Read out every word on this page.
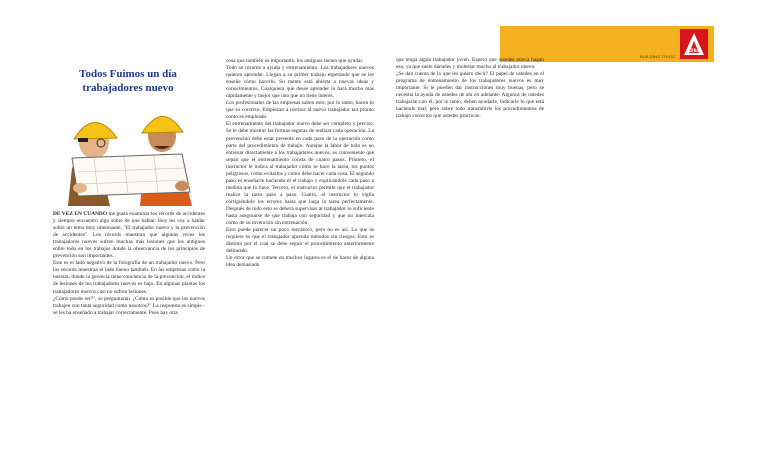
BUILDING TRUST
Sika
Todos Fuimos un día
trabajadores nuevo

DE VEZ EN CUANDO me gusta examinar los récords de accidentes y siempre encuentro algo sobre de que hablar. Hoy les voy a hablar sobre un tema muy interesante, "El trabajador nuevo y la prevención de accidentes". Los récords muestran que algunas veces los trabajadores nuevos sufren muchas más lesiones que los antiguos sobre todo en los trabajos donde la observancia de los principios de prevención son importantes.

Este es el lado negativo de la fotografía de un trabajador nuevo. Pero los récords muestran el lado bueno también. En las empresas como la nuestra, donde la gerencia tiene conciencia de la prevención, el índice de lesiones de los trabajadores nuevos es bajo. En algunas plantas los trabajadores nuevos casi no sufren lesiones.

¿Cómo puede ser?", se preguntarán. ¿Cómo es posible que los nuevos trabajen con tanta seguridad como nosotros?" La respuesta es simple - se les ha enseñado a trabajar correctamente. Pues hay otra

cosa que también es importante, los antiguos tienen que ayudar.

Todo se resume a ayuda y entrenamiento. Los trabajadores nuevos quieren aprender. Llegan a su primer trabajo esperando que se les enseñe cómo hacerlo. Su mente está abierta a nuevas ideas y conocimientos. Cualquiera que desee aprender lo hará mucho más rápidamente y mejor que uno que no tiene interés.

Los profesionales de las empresas saben esto, por lo tanto, hacen lo que es correcto. Empiezan a instruir al nuevo trabajador tan pronto como es empleado.

El entrenamiento del trabajador nuevo debe ser completo y preciso. Se le debe mostrar las formas seguras de realizar cada operación. La prevención debe estar presente en cada paso de la operación como parte del procedimiento de trabajo. Aunque la labor de todo es no entrenar directamente a los trabajadores nuevos, es conveniente que sepan que el entrenamiento consta de cuatro pasos. Primero, el instructor le indica al trabajador cómo se hace la tarea, los puntos peligrosos, cómo evitarlos y cómo debe hacer cada cosa. El segundo paso es enseñarle haciendo él el trabajo y explicándole cada paso a medida que lo hace. Tercero, el instructor permite que el trabajador realice la tarea paso a paso. Cuarto, el instructor lo vigila corrigiéndole los errores hasta que haga la tarea perfectamente. Después de todo esto se deberá supervisar al trabajador lo suficiente hasta asegurarse de que trabaja con seguridad y que no intercala como de su invención sin entrenación.

Esto puede parecer un poco mecánico, pero no es así. Lo que se requiere es que el trabajador aprenda métodos sin riesgos. Esto es distinto por el cual se debe seguir el procedimiento anteriormente delineado.

Un error que se comete en muchos lugares es el de hacer de alguna idea demasiado

que tenga algún trabajador joven. Espero que ustedes nunca hagan eso, ya que suele dárseles y molestar mucho al trabajador nuevo.

¿Se dan cuenta de lo que les quiero decir? El papel de ustedes en el programa de entrenamiento de los trabajadores nuevos es muy importante. Si le pueden dar instrucciones muy buenas, pero se necesita la ayuda de ustedes de ahí en adelante. Algunos de ustedes trabajarán con él, por lo tanto, deben ayudarle, indicarle lo que está haciendo mal, pero sobre todo transmitirle los procedimientos de trabajo correctos que ustedes practican.
